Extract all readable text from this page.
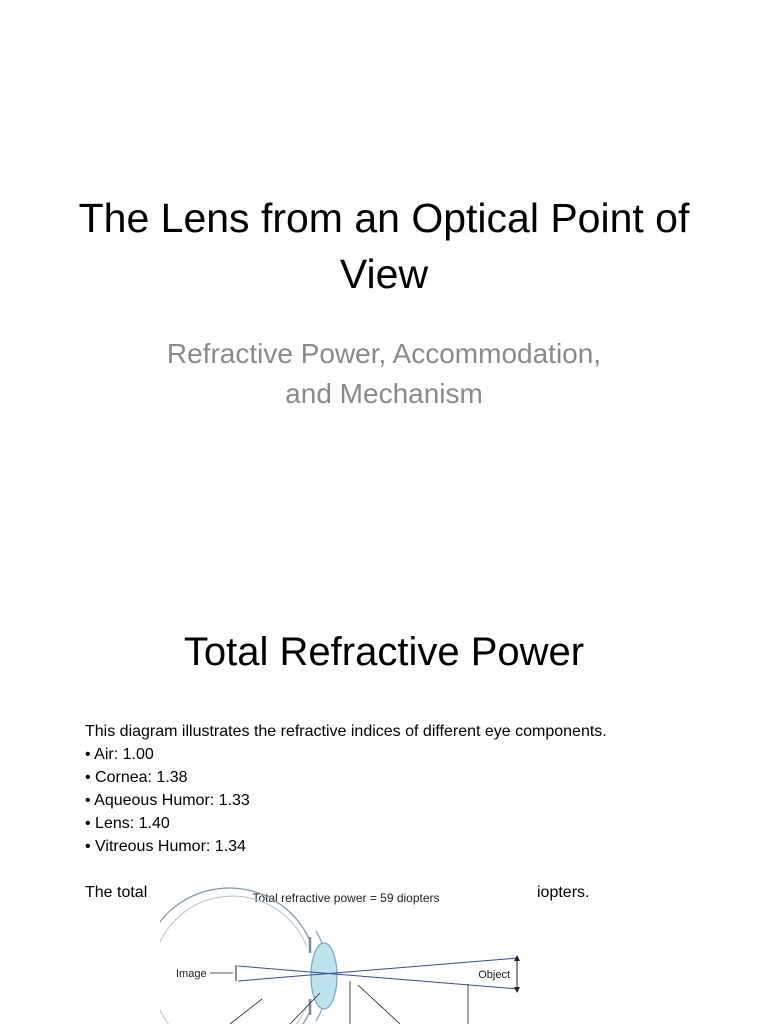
The Lens from an Optical Point of
View
Refractive Power, Accommodation,
and Mechanism
Total Refractive Power
This diagram illustrates the refractive indices of different eye components.
• Air: 1.00
• Cornea: 1.38
• Aqueous Humor: 1.33
• Lens: 1.40
• Vitreous Humor: 1.34
The total	iopters.
Total refractive power = 59 diopters
Image	Object
